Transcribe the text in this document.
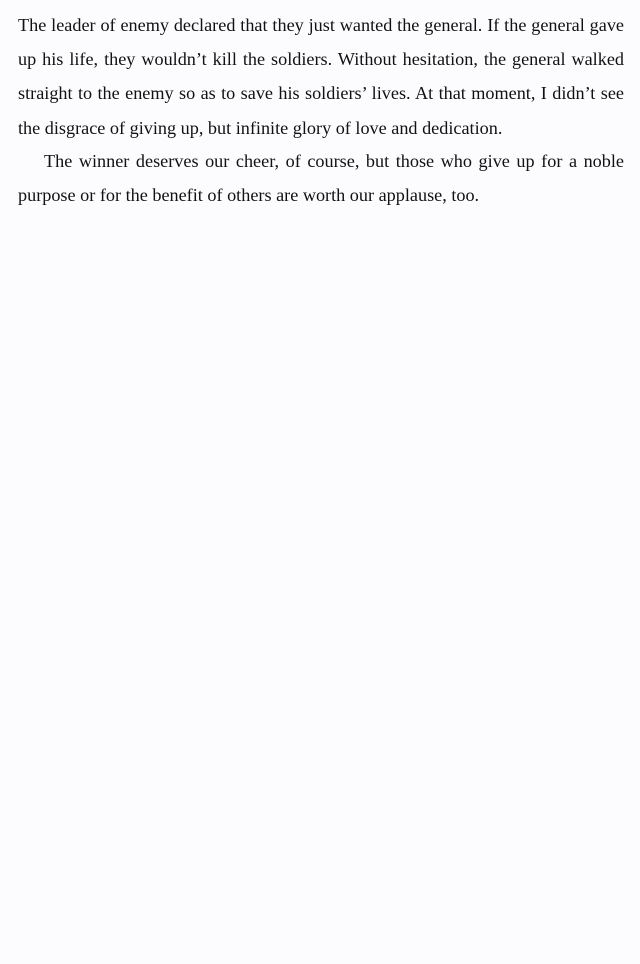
The leader of enemy declared that they just wanted the general. If the general gave up his life, they wouldn’t kill the soldiers. Without hesitation, the general walked straight to the enemy so as to save his soldiers’ lives. At that moment, I didn’t see the disgrace of giving up, but infinite glory of love and dedication.

The winner deserves our cheer, of course, but those who give up for a noble purpose or for the benefit of others are worth our applause, too.
